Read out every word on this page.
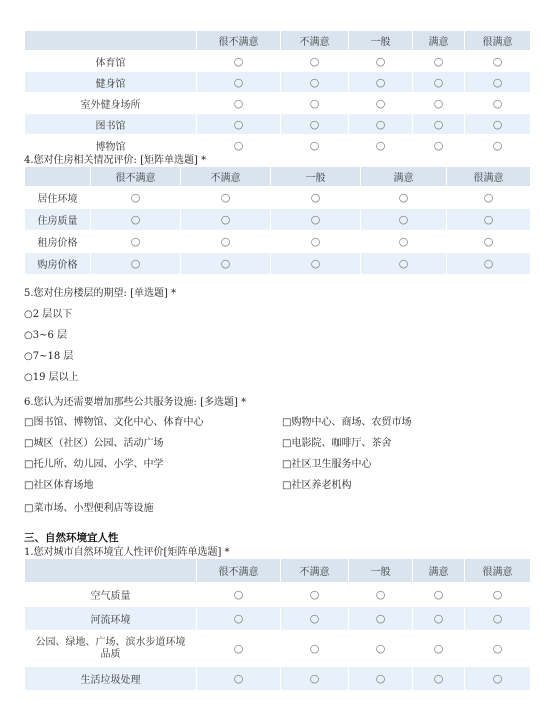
	很不满意	不满意	一般	满意	很满意
体育馆	○	○	○	○	○
健身馆	○	○	○	○	○
室外健身场所	○	○	○	○	○
图书馆	○	○	○	○	○
博物馆	○	○	○	○	○
4.您对住房相关情况评价: [矩阵单选题] *
	很不满意	不满意	一般	满意	很满意
居住环境	○	○	○	○	○
住房质量	○	○	○	○	○
租房价格	○	○	○	○	○
购房价格	○	○	○	○	○
5.您对住房楼层的期望: [单选题] *
○2 层以下
○3~6 层
○7~18 层
○19 层以上
6.您认为还需要增加那些公共服务设施: [多选题] *
□图书馆、博物馆、文化中心、体育中心	□购物中心、商场、农贸市场
□城区（社区）公园、活动广场	□电影院、咖啡厅、茶舍
□托儿所、幼儿园、小学、中学	□社区卫生服务中心
□社区体育场地	□社区养老机构
□菜市场、小型便利店等设施
三、自然环境宜人性
1.您对城市自然环境宜人性评价[矩阵单选题] *
	很不满意	不满意	一般	满意	很满意
空气质量	○	○	○	○	○
河流环境	○	○	○	○	○
公园、绿地、广场、滨水步道环境品质	○	○	○	○	○
生活垃圾处理	○	○	○	○	○
